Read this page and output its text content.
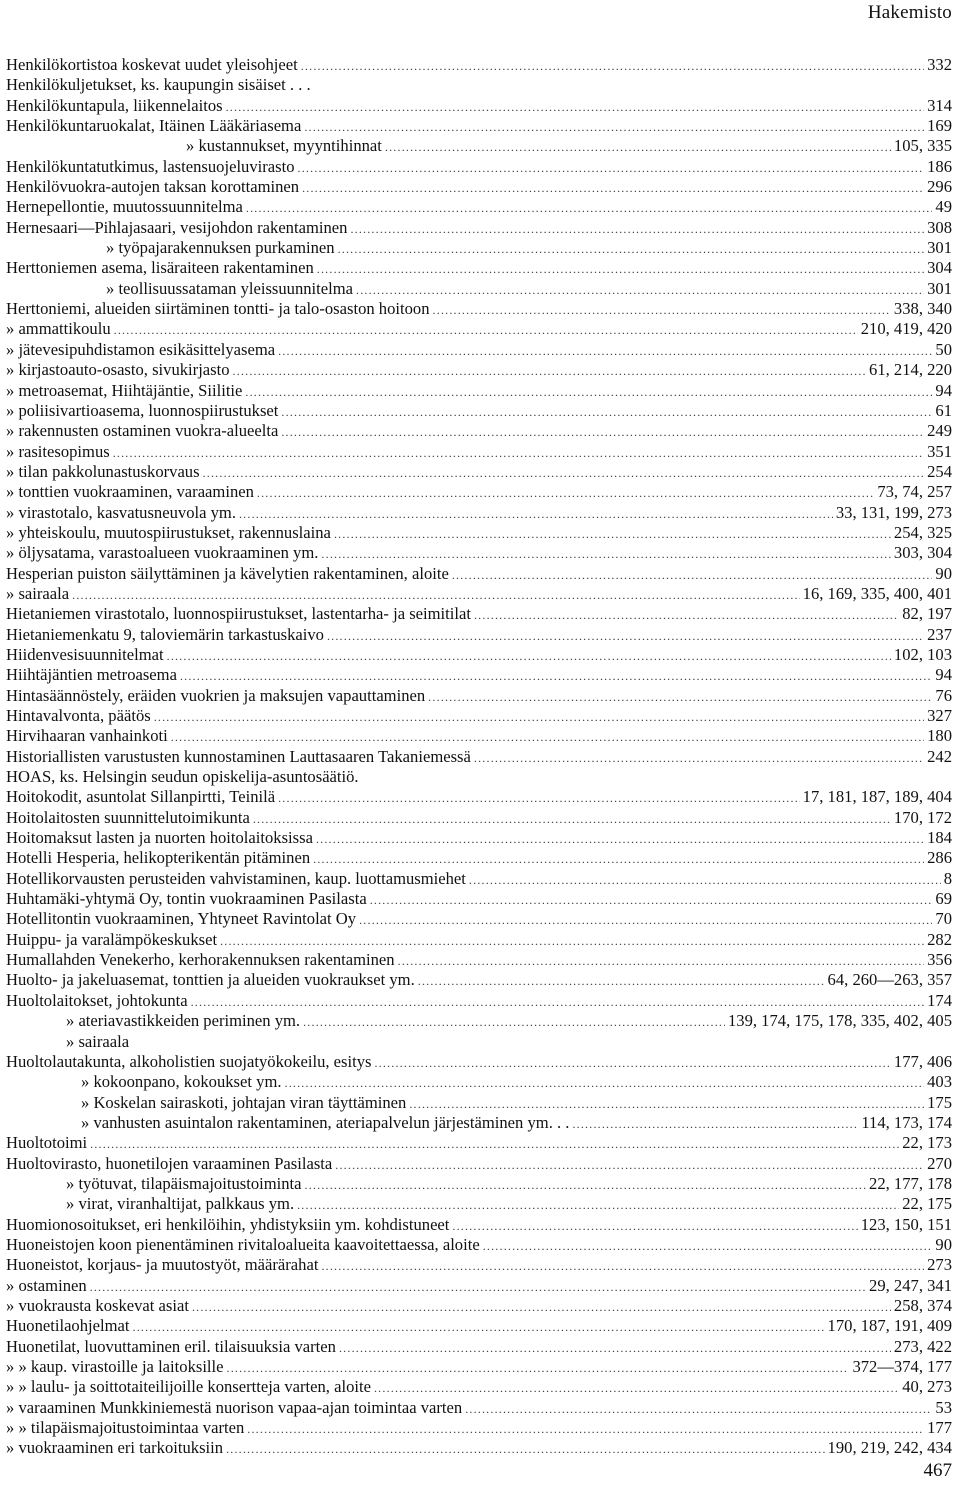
Hakemisto
Henkilökortistoa koskevat uudet yleisohjeet .....	332
Henkilökuljetukset, ks. kaupungin sisäiset . . .
Henkilökuntapula, liikennelaitos .....	314
Henkilökuntaruokalat, Itäinen Lääkäriasema .....	169
» kustannukset, myyntihinnat .....	105, 335
Henkilökuntatutkimus, lastensuojeluvirasto .....	186
Henkilövuokra-autojen taksan korottaminen .....	296
Hernepellontie, muutossuunnitelma .....	49
Hernesaari—Pihlajasaari, vesijohdon rakentaminen .....	308
» työpajarakennuksen purkaminen .....	301
Herttoniemen asema, lisäraiteen rakentaminen .....	304
» teollisuussataman yleissuunnitelma .....	301
Herttoniemi, alueiden siirtäminen tontti- ja talo-osaston hoitoon .....	338, 340
» ammattikoulu .....	210, 419, 420
» jätevesipuhdistamon esikäsittelyasema .....	50
» kirjastoauto-osasto, sivukirjasto .....	61, 214, 220
» metroasemat, Hiihtäjäntie, Siilitie .....	94
» poliisivartioasema, luonnospiirustukset .....	61
» rakennusten ostaminen vuokra-alueelta .....	249
» rasitesopimus .....	351
» tilan pakkolunastuskorvaus .....	254
» tonttien vuokraaminen, varaaminen .....	73, 74, 257
» virastotalo, kasvatusneuvola ym. .....	33, 131, 199, 273
» yhteiskoulu, muutospiirustukset, rakennuslaina .....	254, 325
» öljysatama, varastoalueen vuokraaminen ym. .....	303, 304
Hesperian puiston säilyttäminen ja kävelytien rakentaminen, aloite .....	90
» sairaala .....	16, 169, 335, 400, 401
Hietaniemen virastotalo, luonnospiirustukset, lastentarha- ja seimitilat .....	82, 197
Hietaniemenkatu 9, taloviemärin tarkastuskaivo .....	237
Hiidenvesisuunnitelmat .....	102, 103
Hiihtäjäntien metroasema .....	94
Hintasäännöstely, eräiden vuokrien ja maksujen vapauttaminen .....	76
Hintavalvonta, päätös .....	327
Hirvihaaran vanhainkoti .....	180
Historiallisten varustusten kunnostaminen Lauttasaaren Takaniemessä .....	242
HOAS, ks. Helsingin seudun opiskelija-asuntosäätiö.
Hoitokodit, asuntolat Sillanpirtti, Teinilä .....	17, 181, 187, 189, 404
Hoitolaitosten suunnittelutoimikunta .....	170, 172
Hoitomaksut lasten ja nuorten hoitolaitoksissa .....	184
Hotelli Hesperia, helikopterikentän pitäminen .....	286
Hotellikorvausten perusteiden vahvistaminen, kaup. luottamusmiehet .....	8
Huhtamäki-yhtymä Oy, tontin vuokraaminen Pasilasta .....	69
Hotellitontin vuokraaminen, Yhtyneet Ravintolat Oy .....	70
Huippu- ja varalämpökeskukset .....	282
Humallahden Venekerho, kerhorakennuksen rakentaminen .....	356
Huolto- ja jakeluasemat, tonttien ja alueiden vuokraukset ym. .....	64, 260—263, 357
Huoltolaitokset, johtokunta .....	174
» ateriavastikkeiden periminen ym. .....	139, 174, 175, 178, 335, 402, 405
» sairaala
Huoltolautakunta, alkoholistien suojatyökokeilu, esitys .....	177, 406
» kokoonpano, kokoukset ym. .....	403
» Koskelan sairaskoti, johtajan viran täyttäminen .....	175
» vanhusten asuintalon rakentaminen, ateriapalvelun järjestäminen ym. . . .....	114, 173, 174
Huoltotoimi .....	22, 173
Huoltovirasto, huonetilojen varaaminen Pasilasta .....	270
» työtuvat, tilapäismajoitustoiminta .....	22, 177, 178
» virat, viranhaltijat, palkkaus ym. .....	22, 175
Huomionosoitukset, eri henkilöihin, yhdistyksiin ym. kohdistuneet .....	123, 150, 151
Huoneistojen koon pienentäminen rivitaloalueita kaavoitettaessa, aloite .....	90
Huoneistot, korjaus- ja muutostyöt, määrärahat .....	273
» ostaminen .....	29, 247, 341
» vuokrausta koskevat asiat .....	258, 374
Huonetilaohjelmat .....	170, 187, 191, 409
Huonetilat, luovuttaminen eril. tilaisuuksia varten .....	273, 422
» » kaup. virastoille ja laitoksille .....	372—374, 177
» » laulu- ja soittotaiteilijoille konsertteja varten, aloite .....	40, 273
» varaaminen Munkkiniemestä nuorison vapaa-ajan toimintaa varten .....	53
» » tilapäismajoitustoimintaa varten .....	177
» vuokraaminen eri tarkoituksiin .....	190, 219, 242, 434
467
